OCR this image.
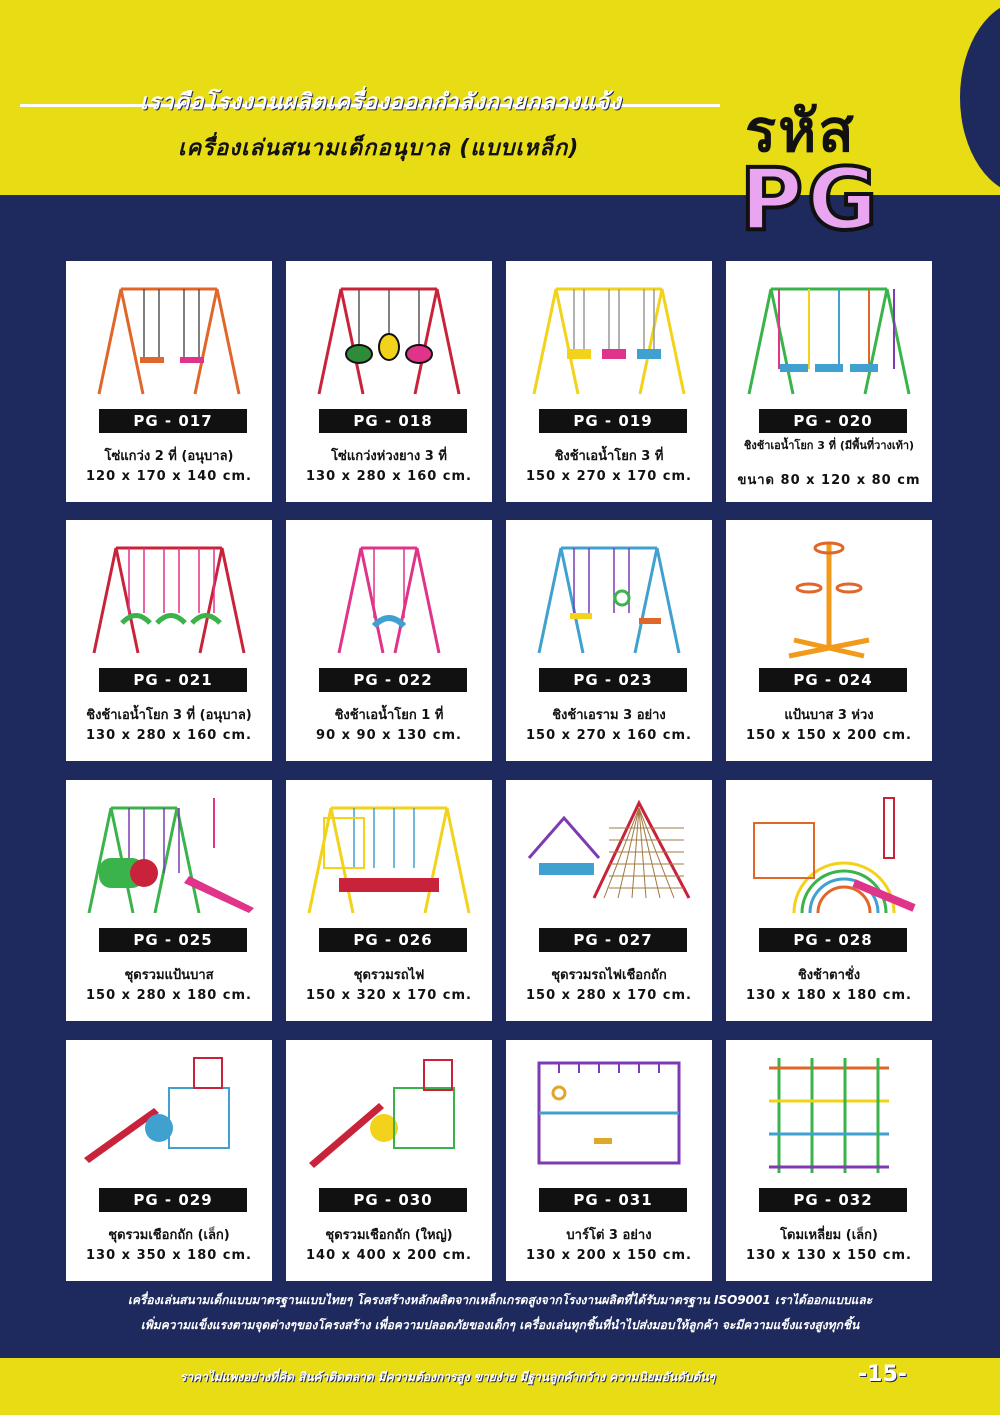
เราคือโรงงานผลิตเครื่องออกกำลังกายกลางแจ้ง
เครื่องเล่นสนามเด็กอนุบาล (แบบเหล็ก)	รหัส
PG
PG - 017
โซ่แกว่ง 2 ที่ (อนุบาล)
120 x 170 x 140 cm.
PG - 018
โซ่แกว่งห่วงยาง 3 ที่
130 x 280 x 160 cm.
PG - 019
ชิงช้าเอน้ำโยก 3 ที่
150 x 270 x 170 cm.
PG - 020
ชิงช้าเอน้ำโยก 3 ที่ (มีพื้นที่วางเท้า)
ขนาด 80 x 120 x 80 cm
PG - 021
ชิงช้าเอน้ำโยก 3 ที่ (อนุบาล)
130 x 280 x 160 cm.
PG - 022
ชิงช้าเอน้ำโยก 1 ที่
90 x 90 x 130 cm.
PG - 023
ชิงช้าเอราม 3 อย่าง
150 x 270 x 160 cm.
PG - 024
แป้นบาส 3 ห่วง
150 x 150 x 200 cm.
PG - 025
ชุดรวมแป้นบาส
150 x 280 x 180 cm.
PG - 026
ชุดรวมรถไฟ
150 x 320 x 170 cm.
PG - 027
ชุดรวมรถไฟเชือกถัก
150 x 280 x 170 cm.
PG - 028
ชิงช้าตาชั่ง
130 x 180 x 180 cm.
PG - 029
ชุดรวมเชือกถัก (เล็ก)
130 x 350 x 180 cm.
PG - 030
ชุดรวมเชือกถัก (ใหญ่)
140 x 400 x 200 cm.
PG - 031
บาร์โต่ 3 อย่าง
130 x 200 x 150 cm.
PG - 032
โดมเหลี่ยม (เล็ก)
130 x 130 x 150 cm.
เครื่องเล่นสนามเด็กแบบมาตรฐานแบบไทยๆ โครงสร้างหลักผลิตจากเหล็กเกรดสูงจากโรงงานผลิตที่ได้รับมาตรฐาน ISO9001 เราได้ออกแบบและ
เพิ่มความแข็งแรงตามจุดต่างๆของโครงสร้าง เพื่อความปลอดภัยของเด็กๆ เครื่องเล่นทุกชิ้นที่นำไปส่งมอบให้ลูกค้า จะมีความแข็งแรงสูงทุกชิ้น
ราคาไม่แพงอย่างที่คิด สินค้าติดตลาด มีความต้องการสูง ขายง่าย มีฐานลูกค้ากว้าง ความนิยมอันดับต้นๆ	-15-
